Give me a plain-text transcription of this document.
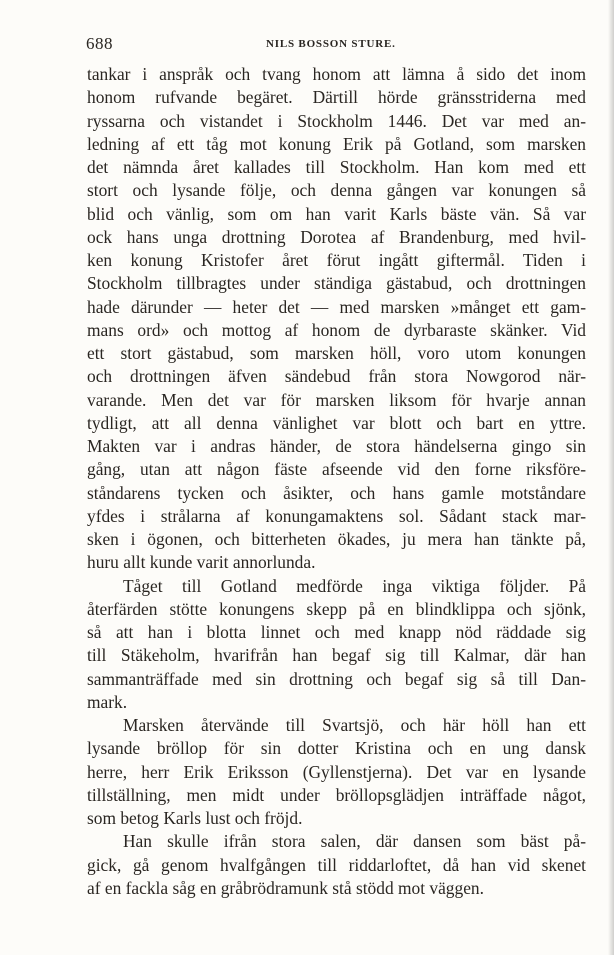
688	NILS BOSSON STURE.
tankar i anspråk och tvang honom att lämna å sido det inom
honom rufvande begäret. Därtill hörde gränsstriderna med
ryssarna och vistandet i Stockholm 1446. Det var med an-
ledning af ett tåg mot konung Erik på Gotland, som marsken
det nämnda året kallades till Stockholm. Han kom med ett
stort och lysande följe, och denna gången var konungen så
blid och vänlig, som om han varit Karls bäste vän. Så var
ock hans unga drottning Dorotea af Brandenburg, med hvil-
ken konung Kristofer året förut ingått giftermål. Tiden i
Stockholm tillbragtes under ständiga gästabud, och drottningen
hade därunder — heter det — med marsken »månget ett gam-
mans ord» och mottog af honom de dyrbaraste skänker. Vid
ett stort gästabud, som marsken höll, voro utom konungen
och drottningen äfven sändebud från stora Nowgorod när-
varande. Men det var för marsken liksom för hvarje annan
tydligt, att all denna vänlighet var blott och bart en yttre.
Makten var i andras händer, de stora händelserna gingo sin
gång, utan att någon fäste afseende vid den forne riksföre-
ståndarens tycken och åsikter, och hans gamle motståndare
yfdes i strålarna af konungamaktens sol. Sådant stack mar-
sken i ögonen, och bitterheten ökades, ju mera han tänkte på,
huru allt kunde varit annorlunda.
Tåget till Gotland medförde inga viktiga följder. På
återfärden stötte konungens skepp på en blindklippa och sjönk,
så att han i blotta linnet och med knapp nöd räddade sig
till Stäkeholm, hvarifrån han begaf sig till Kalmar, där han
sammanträffade med sin drottning och begaf sig så till Dan-
mark.
Marsken återvände till Svartsjö, och här höll han ett
lysande bröllop för sin dotter Kristina och en ung dansk
herre, herr Erik Eriksson (Gyllenstjerna). Det var en lysande
tillställning, men midt under bröllopsglädjen inträffade något,
som betog Karls lust och fröjd.
Han skulle ifrån stora salen, där dansen som bäst på-
gick, gå genom hvalfgången till riddarloftet, då han vid skenet
af en fackla såg en gråbrödramunk stå stödd mot väggen.
